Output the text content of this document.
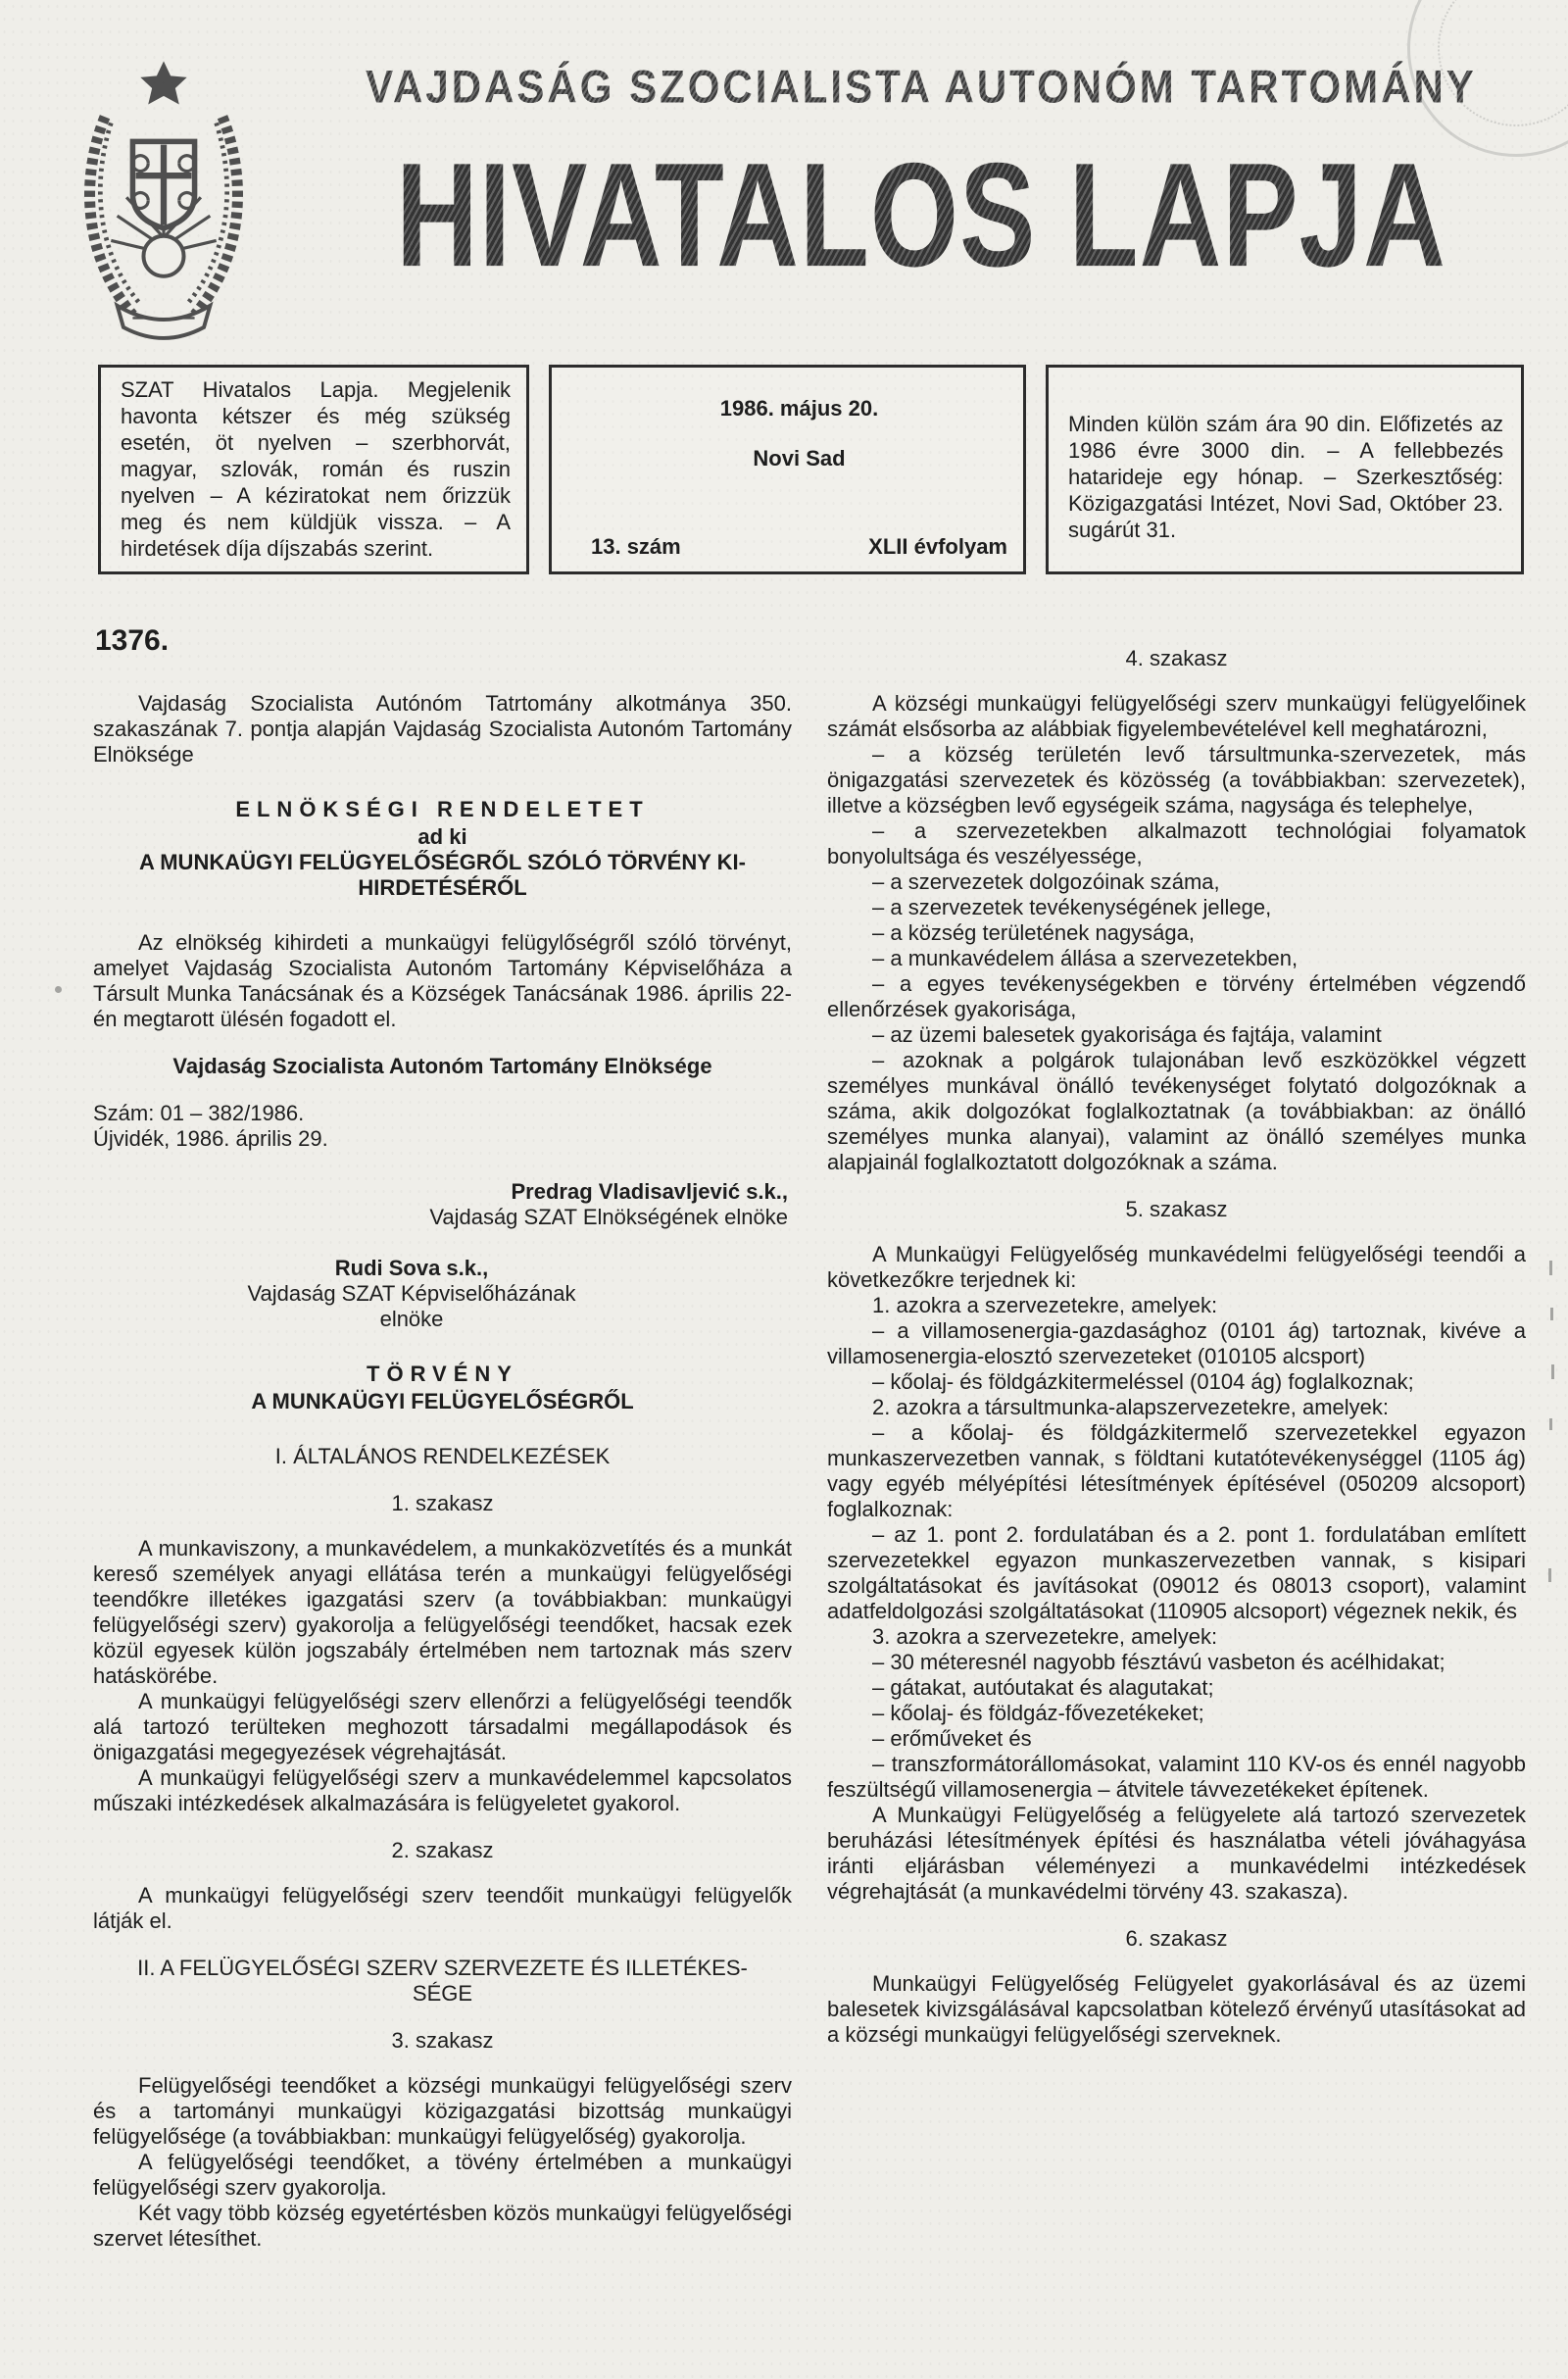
VAJDASÁG SZOCIALISTA AUTONÓM TARTOMÁNY
HIVATALOS LAPJA
SZAT Hivatalos Lapja. Megjelenik havonta kétszer és még szükség esetén, öt nyelven – szerbhorvát, magyar, szlovák, román és ruszin nyelven – A kéziratokat nem őrizzük meg és nem küldjük vissza. – A hirdetések díja díjszabás szerint.
1986. május 20.
Novi Sad
13. szám	XLII évfolyam
Minden külön szám ára 90 din. Előfizetés az 1986 évre 3000 din. – A fellebbezés hatarideje egy hónap. – Szerkesztőség: Közigazgatási Intézet, Novi Sad, Október 23. sugárút 31.
1376.
Vajdaság Szocialista Autónóm Tatrtomány alkotmánya 350. szakaszának 7. pontja alapján Vajdaság Szocialista Autonóm Tartomány Elnöksége
ELNÖKSÉGI RENDELETET
ad ki
A MUNKAÜGYI FELÜGYELŐSÉGRŐL SZÓLÓ TÖRVÉNY KI-
HIRDETÉSÉRŐL
Az elnökség kihirdeti a munkaügyi felügylőségről szóló törvényt, amelyet Vajdaság Szocialista Autonóm Tartomány Képviselőháza a Társult Munka Tanácsának és a Községek Tanácsának 1986. április 22-én megtarott ülésén fogadott el.
Vajdaság Szocialista Autonóm Tartomány Elnöksége
Szám: 01 – 382/1986.
Újvidék, 1986. április 29.
Predrag Vladisavljević s.k.,
Vajdaság SZAT Elnökségének elnöke
Rudi Sova s.k.,
Vajdaság SZAT Képviselőházának
elnöke
TÖRVÉNY
A MUNKAÜGYI FELÜGYELŐSÉGRŐL
I. ÁLTALÁNOS RENDELKEZÉSEK
1. szakasz
A munkaviszony, a munkavédelem, a munkaközvetítés és a munkát kereső személyek anyagi ellátása terén a munkaügyi felügyelőségi teendőkre illetékes igazgatási szerv (a továbbiakban: munkaügyi felügyelőségi szerv) gyakorolja a felügyelőségi teendőket, hacsak ezek közül egyesek külön jogszabály értelmében nem tartoznak más szerv hatáskörébe.
A munkaügyi felügyelőségi szerv ellenőrzi a felügyelőségi teendők alá tartozó terülteken meghozott társadalmi megállapodások és önigazgatási megegyezések végrehajtását.
A munkaügyi felügyelőségi szerv a munkavédelemmel kapcsolatos műszaki intézkedések alkalmazására is felügyeletet gyakorol.
2. szakasz
A munkaügyi felügyelőségi szerv teendőit munkaügyi felügyelők látják el.
II. A FELÜGYELŐSÉGI SZERV SZERVEZETE ÉS ILLETÉKES-
SÉGE
3. szakasz
Felügyelőségi teendőket a községi munkaügyi felügyelőségi szerv és a tartományi munkaügyi közigazgatási bizottság munkaügyi felügyelősége (a továbbiakban: munkaügyi felügyelőség) gyakorolja.
A felügyelőségi teendőket, a tövény értelmében a munkaügyi felügyelőségi szerv gyakorolja.
Két vagy több község egyetértésben közös munkaügyi felügyelőségi szervet létesíthet.
4. szakasz
A községi munkaügyi felügyelőségi szerv munkaügyi felügyelőinek számát elsősorba az alábbiak figyelembevételével kell meghatározni,
– a község területén levő társultmunka-szervezetek, más önigazgatási szervezetek és közösség (a továbbiakban: szervezetek), illetve a községben levő egységeik száma, nagysága és telephelye,
– a szervezetekben alkalmazott technológiai folyamatok bonyolultsága és veszélyessége,
– a szervezetek dolgozóinak száma,
– a szervezetek tevékenységének jellege,
– a község területének nagysága,
– a munkavédelem állása a szervezetekben,
– a egyes tevékenységekben e törvény értelmében végzendő ellenőrzések gyakorisága,
– az üzemi balesetek gyakorisága és fajtája, valamint
– azoknak a polgárok tulajonában levő eszközökkel végzett személyes munkával önálló tevékenységet folytató dolgozóknak a száma, akik dolgozókat foglalkoztatnak (a továbbiakban: az önálló személyes munka alanyai), valamint az önálló személyes munka alapjainál foglalkoztatott dolgozóknak a száma.
5. szakasz
A Munkaügyi Felügyelőség munkavédelmi felügyelőségi teendői a következőkre terjednek ki:
1. azokra a szervezetekre, amelyek:
– a villamosenergia-gazdasághoz (0101 ág) tartoznak, kivéve a villamosenergia-elosztó szervezeteket (010105 alcsport)
– kőolaj- és földgázkitermeléssel (0104 ág) foglalkoznak;
2. azokra a társultmunka-alapszervezetekre, amelyek:
– a kőolaj- és földgázkitermelő szervezetekkel egyazon munkaszervezetben vannak, s földtani kutatótevékenységgel (1105 ág) vagy egyéb mélyépítési létesítmények építésével (050209 alcsoport) foglalkoznak:
– az 1. pont 2. fordulatában és a 2. pont 1. fordulatában említett szervezetekkel egyazon munkaszervezetben vannak, s kisipari szolgáltatásokat és javításokat (09012 és 08013 csoport), valamint adatfeldolgozási szolgáltatásokat (110905 alcsoport) végeznek nekik, és
3. azokra a szervezetekre, amelyek:
– 30 méteresnél nagyobb fésztávú vasbeton és acélhidakat;
– gátakat, autóutakat és alagutakat;
– kőolaj- és földgáz-fővezetékeket;
– erőműveket és
– transzformátorállomásokat, valamint 110 KV-os és ennél nagyobb feszültségű villamosenergia – átvitele távvezetékeket építenek.
A Munkaügyi Felügyelőség a felügyelete alá tartozó szervezetek beruházási létesítmények építési és használatba vételi jóváhagyása iránti eljárásban véleményezi a munkavédelmi intézkedések végrehajtását (a munkavédelmi törvény 43. szakasza).
6. szakasz
Munkaügyi Felügyelőség Felügyelet gyakorlásával és az üzemi balesetek kivizsgálásával kapcsolatban kötelező érvényű utasításokat ad a községi munkaügyi felügyelőségi szerveknek.
